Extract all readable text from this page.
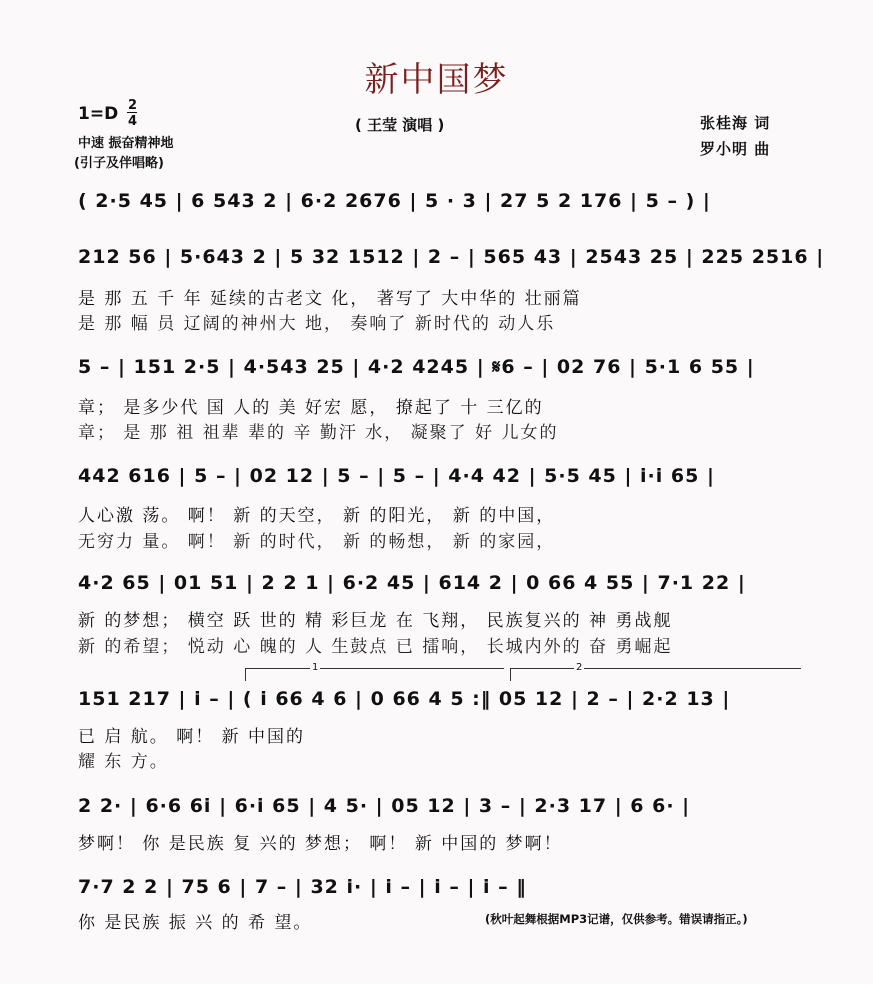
新中国梦
1=D 2
4
中速 振奋精神地
(引子及伴唱略)
( 王莹 演唱 )	张桂海 词
罗小明 曲
( 2·5 45 | 6 543 2 | 6·2 2676 | 5 · 3 | 27 5 2 176 | 5 – ) |
212 56 | 5·643 2 | 5 32 1512 | 2 – | 565 43 | 2543 25 | 225 2516 |
是 那 五 千 年 延续的古老文 化， 著写了 大中华的 壮丽篇
是 那 幅 员 辽阔的神州大 地， 奏响了 新时代的 动人乐
5 – | 151 2·5 | 4·543 25 | 4·2 4245 | 𝄋6 – | 02 76 | 5·1 6 55 |
章； 是多少代 国 人的 美 好宏 愿， 撩起了 十 三亿的
章； 是 那 祖 祖辈 辈的 辛 勤汗 水， 凝聚了 好 儿女的
442 616 | 5 – | 02 12 | 5 – | 5 – | 4·4 42 | 5·5 45 | i·i 65 |
人心激 荡。 啊！ 新 的天空， 新 的阳光， 新 的中国，
无穷力 量。 啊！ 新 的时代， 新 的畅想， 新 的家园，
4·2 65 | 01 51 | 2 2 1 | 6·2 45 | 614 2 | 0 66 4 55 | 7·1 22 |
新 的梦想； 横空 跃 世的 精 彩巨龙 在 飞翔， 民族复兴的 神 勇战舰
新 的希望； 悦动 心 魄的 人 生鼓点 已 擂响， 长城内外的 奋 勇崛起
1	2
151 217 | i – | ( i 66 4 6 | 0 66 4 5 :‖ 05 12 | 2 – | 2·2 13 |
已 启 航。 啊！ 新 中国的
耀 东 方。
2 2· | 6·6 6i | 6·i 65 | 4 5· | 05 12 | 3 – | 2·3 17 | 6 6· |
梦啊！ 你 是民族 复 兴的 梦想； 啊！ 新 中国的 梦啊！
7·7 2 2 | 75 6 | 7 – | 32 i· | i – | i – | i – ‖
你 是民族 振 兴 的 希 望。	(秋叶起舞根据MP3记谱，仅供参考。错误请指正。)
